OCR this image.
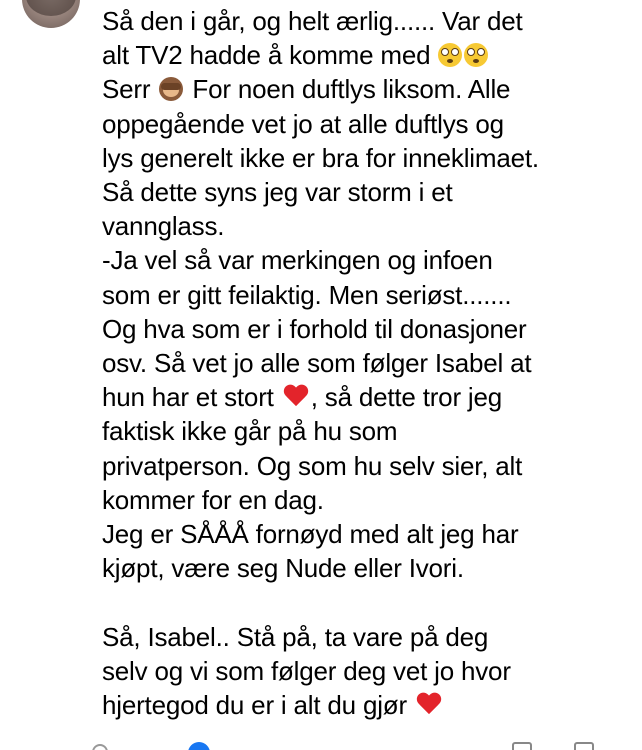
Så den i går, og helt ærlig...... Var det
alt TV2 hadde å komme med

Serr For noen duftlys liksom. Alle
oppegående vet jo at alle duftlys og
lys generelt ikke er bra for inneklimaet.
Så dette syns jeg var storm i et
vannglass.
-Ja vel så var merkingen og infoen
som er gitt feilaktig. Men seriøst.......
Og hva som er i forhold til donasjoner
osv. Så vet jo alle som følger Isabel at
hun har et stort , så dette tror jeg
faktisk ikke går på hu som
privatperson. Og som hu selv sier, alt
kommer for en dag.
Jeg er SÅÅÅ fornøyd med alt jeg har
kjøpt, være seg Nude eller Ivori.

Så, Isabel.. Stå på, ta vare på deg
selv og vi som følger deg vet jo hvor
hjertegod du er i alt du gjør
